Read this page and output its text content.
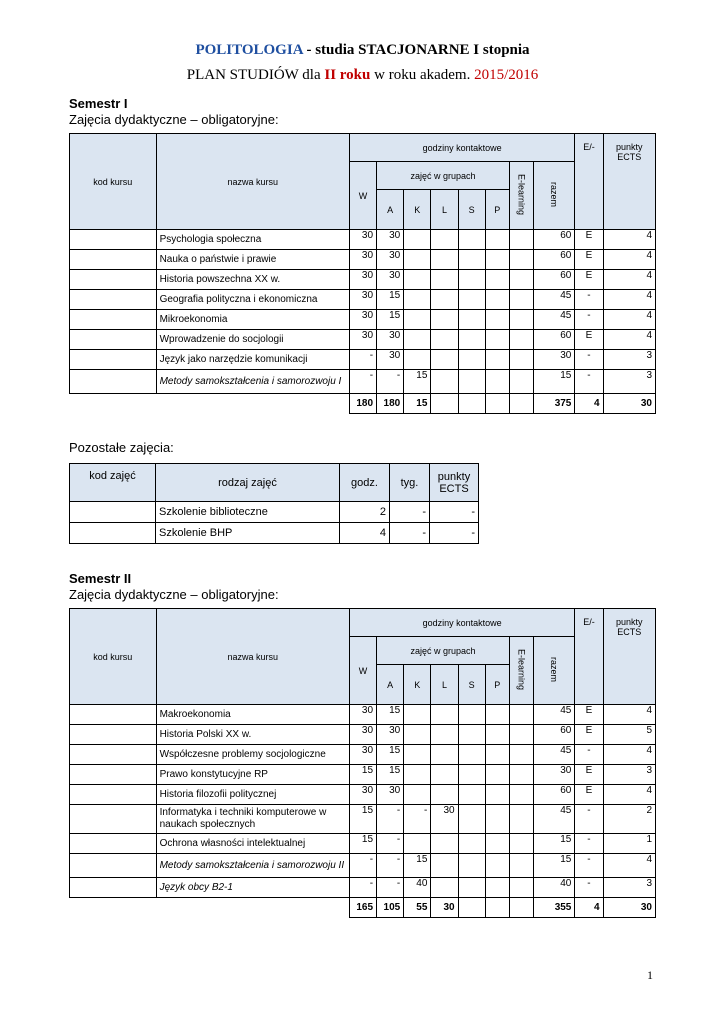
POLITOLOGIA - studia STACJONARNE I stopnia
PLAN STUDIÓW dla II roku w roku akadem. 2015/2016
Semestr I
Zajęcia dydaktyczne – obligatoryjne:
kod kursu	nazwa kursu	godziny kontaktowe								E/-	punkty ECTS
		W	zajęć w grupach					E-learning	razem		
			A	K	L	S	P				
	Psychologia społeczna	30	30						60	E	4
	Nauka o państwie i prawie	30	30						60	E	4
	Historia powszechna XX w.	30	30						60	E	4
	Geografia polityczna i ekonomiczna	30	15						45	-	4
	Mikroekonomia	30	15						45	-	4
	Wprowadzenie do socjologii	30	30						60	E	4
	Język jako narzędzie komunikacji	-	30						30	-	3
	Metody samokształcenia i samorozwoju I	-	-	15					15	-	3
		180	180	15					375	4	30
Pozostałe zajęcia:
kod zajęć	rodzaj zajęć	godz.	tyg.	punkty ECTS
	Szkolenie biblioteczne	2	-	-
	Szkolenie BHP	4	-	-
Semestr II
Zajęcia dydaktyczne – obligatoryjne:
kod kursu	nazwa kursu	godziny kontaktowe								E/-	punkty ECTS
		W	zajęć w grupach					E-learning	razem		
			A	K	L	S	P				
	Makroekonomia	30	15						45	E	4
	Historia Polski XX w.	30	30						60	E	5
	Współczesne problemy socjologiczne	30	15						45	-	4
	Prawo konstytucyjne RP	15	15						30	E	3
	Historia filozofii politycznej	30	30						60	E	4
	Informatyka i techniki komputerowe w naukach społecznych	15	-	-	30				45	-	2
	Ochrona własności intelektualnej	15	-						15	-	1
	Metody samokształcenia i samorozwoju II	-	-	15					15	-	4
	Język obcy B2-1	-	-	40					40	-	3
		165	105	55	30				355	4	30
1
